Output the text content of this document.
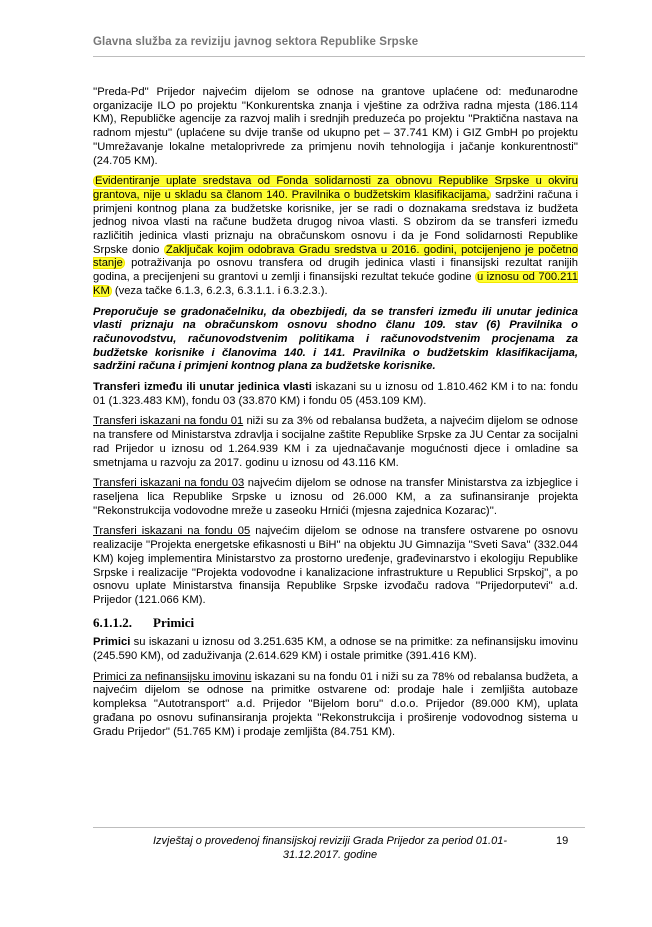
Glavna služba za reviziju javnog sektora Republike Srpske

''Preda-Pd'' Prijedor najvećim dijelom se odnose na grantove uplaćene od: međunarodne organizacije ILO po projektu ''Konkurentska znanja i vještine za održiva radna mjesta (186.114 KM), Republičke agencije za razvoj malih i srednjih preduzeća po projektu ''Praktična nastava na radnom mjestu'' (uplaćene su dvije tranše od ukupno pet – 37.741 KM) i GIZ GmbH po projektu ''Umrežavanje lokalne metaloprivrede za primjenu novih tehnologija i jačanje konkurentnosti'' (24.705 KM).

Evidentiranje uplate sredstava od Fonda solidarnosti za obnovu Republike Srpske u okviru grantova, nije u skladu sa članom 140. Pravilnika o budžetskim klasifikacijama, sadržini računa i primjeni kontnog plana za budžetske korisnike, jer se radi o doznakama sredstava iz budžeta jednog nivoa vlasti na račune budžeta drugog nivoa vlasti. S obzirom da se transferi između različitih jedinica vlasti priznaju na obračunskom osnovu i da je Fond solidarnosti Republike Srpske donio Zaključak kojim odobrava Gradu sredstva u 2016. godini, potcijenjeno je početno stanje potraživanja po osnovu transfera od drugih jedinica vlasti i finansijski rezultat ranijih godina, a precijenjeni su grantovi u zemlji i finansijski rezultat tekuće godine u iznosu od 700.211 KM (veza tačke 6.1.3, 6.2.3, 6.3.1.1. i 6.3.2.3.).

Preporučuje se gradonačelniku, da obezbijedi, da se transferi između ili unutar jedinica vlasti priznaju na obračunskom osnovu shodno članu 109. stav (6) Pravilnika o računovodstvu, računovodstvenim politikama i računovodstvenim procjenama za budžetske korisnike i članovima 140. i 141. Pravilnika o budžetskim klasifikacijama, sadržini računa i primjeni kontnog plana za budžetske korisnike.

Transferi između ili unutar jedinica vlasti iskazani su u iznosu od 1.810.462 KM i to na: fondu 01 (1.323.483 KM), fondu 03 (33.870 KM) i fondu 05 (453.109 KM).

Transferi iskazani na fondu 01 niži su za 3% od rebalansa budžeta, a najvećim dijelom se odnose na transfere od Ministarstva zdravlja i socijalne zaštite Republike Srpske za JU Centar za socijalni rad Prijedor u iznosu od 1.264.939 KM i za ujednačavanje mogućnosti djece i omladine sa smetnjama u razvoju za 2017. godinu u iznosu od 43.116 KM.

Transferi iskazani na fondu 03 najvećim dijelom se odnose na transfer Ministarstva za izbjeglice i raseljena lica Republike Srpske u iznosu od 26.000 KM, a za sufinansiranje projekta ''Rekonstrukcija vodovodne mreže u zaseoku Hrnići (mjesna zajednica Kozarac)''.

Transferi iskazani na fondu 05 najvećim dijelom se odnose na transfere ostvarene po osnovu realizacije ''Projekta energetske efikasnosti u BiH'' na objektu JU Gimnazija ''Sveti Sava'' (332.044 KM) kojeg implementira Ministarstvo za prostorno uređenje, građevinarstvo i ekologiju Republike Srpske i realizacije ''Projekta vodovodne i kanalizacione infrastrukture u Republici Srpskoj'', a po osnovu uplate Ministarstva finansija Republike Srpske izvođaču radova ''Prijedorputevi'' a.d. Prijedor (121.066 KM).

6.1.1.2. Primici

Primici su iskazani u iznosu od 3.251.635 KM, a odnose se na primitke: za nefinansijsku imovinu (245.590 KM), od zaduživanja (2.614.629 KM) i ostale primitke (391.416 KM).

Primici za nefinansijsku imovinu iskazani su na fondu 01 i niži su za 78% od rebalansa budžeta, a najvećim dijelom se odnose na primitke ostvarene od: prodaje hale i zemljišta autobaze kompleksa ''Autotransport'' a.d. Prijedor ''Bijelom boru'' d.o.o. Prijedor (89.000 KM), uplata građana po osnovu sufinansiranja projekta ''Rekonstrukcija i proširenje vodovodnog sistema u Gradu Prijedor'' (51.765 KM) i prodaje zemljišta (84.751 KM).

Izvještaj o provedenoj finansijskoj reviziji Grada Prijedor za period 01.01-31.12.2017. godine
19
